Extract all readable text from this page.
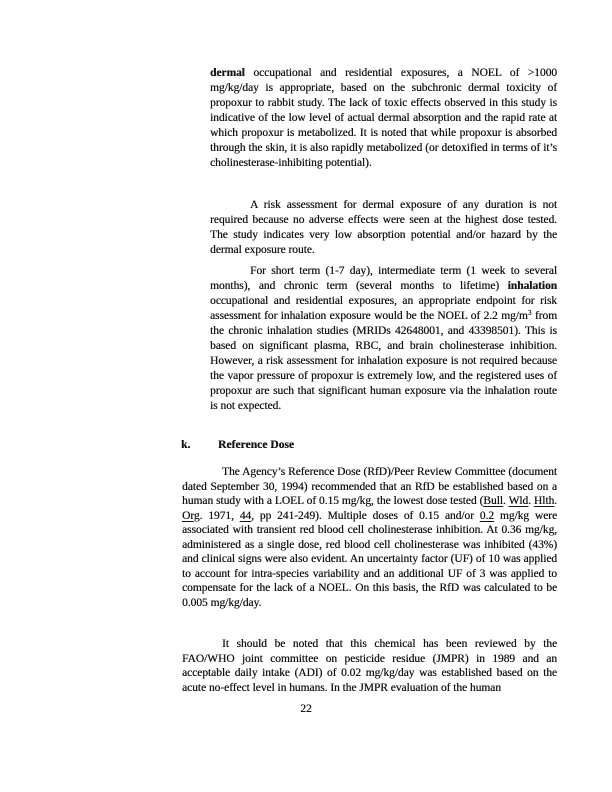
dermal occupational and residential exposures, a NOEL of >1000 mg/kg/day is appropriate, based on the subchronic dermal toxicity of propoxur to rabbit study. The lack of toxic effects observed in this study is indicative of the low level of actual dermal absorption and the rapid rate at which propoxur is metabolized. It is noted that while propoxur is absorbed through the skin, it is also rapidly metabolized (or detoxified in terms of it’s cholinesterase-inhibiting potential).
A risk assessment for dermal exposure of any duration is not required because no adverse effects were seen at the highest dose tested. The study indicates very low absorption potential and/or hazard by the dermal exposure route.
For short term (1-7 day), intermediate term (1 week to several months), and chronic term (several months to lifetime) inhalation occupational and residential exposures, an appropriate endpoint for risk assessment for inhalation exposure would be the NOEL of 2.2 $mg/m^3$ from the chronic inhalation studies (MRIDs 42648001, and 43398501). This is based on significant plasma, RBC, and brain cholinesterase inhibition. However, a risk assessment for inhalation exposure is not required because the vapor pressure of propoxur is extremely low, and the registered uses of propoxur are such that significant human exposure via the inhalation route is not expected.
k. Reference Dose
The Agency’s Reference Dose (RfD)/Peer Review Committee (document dated September 30, 1994) recommended that an RfD be established based on a human study with a LOEL of 0.15 mg/kg, the lowest dose tested (Bull. Wld. Hlth. Org. 1971, 44, pp 241-249). Multiple doses of 0.15 and/or 0.2 mg/kg were associated with transient red blood cell cholinesterase inhibition. At 0.36 mg/kg, administered as a single dose, red blood cell cholinesterase was inhibited (43%) and clinical signs were also evident. An uncertainty factor (UF) of 10 was applied to account for intra-species variability and an additional UF of 3 was applied to compensate for the lack of a NOEL. On this basis, the RfD was calculated to be 0.005 mg/kg/day.
It should be noted that this chemical has been reviewed by the FAO/WHO joint committee on pesticide residue (JMPR) in 1989 and an acceptable daily intake (ADI) of 0.02 mg/kg/day was established based on the acute no-effect level in humans. In the JMPR evaluation of the human
22
